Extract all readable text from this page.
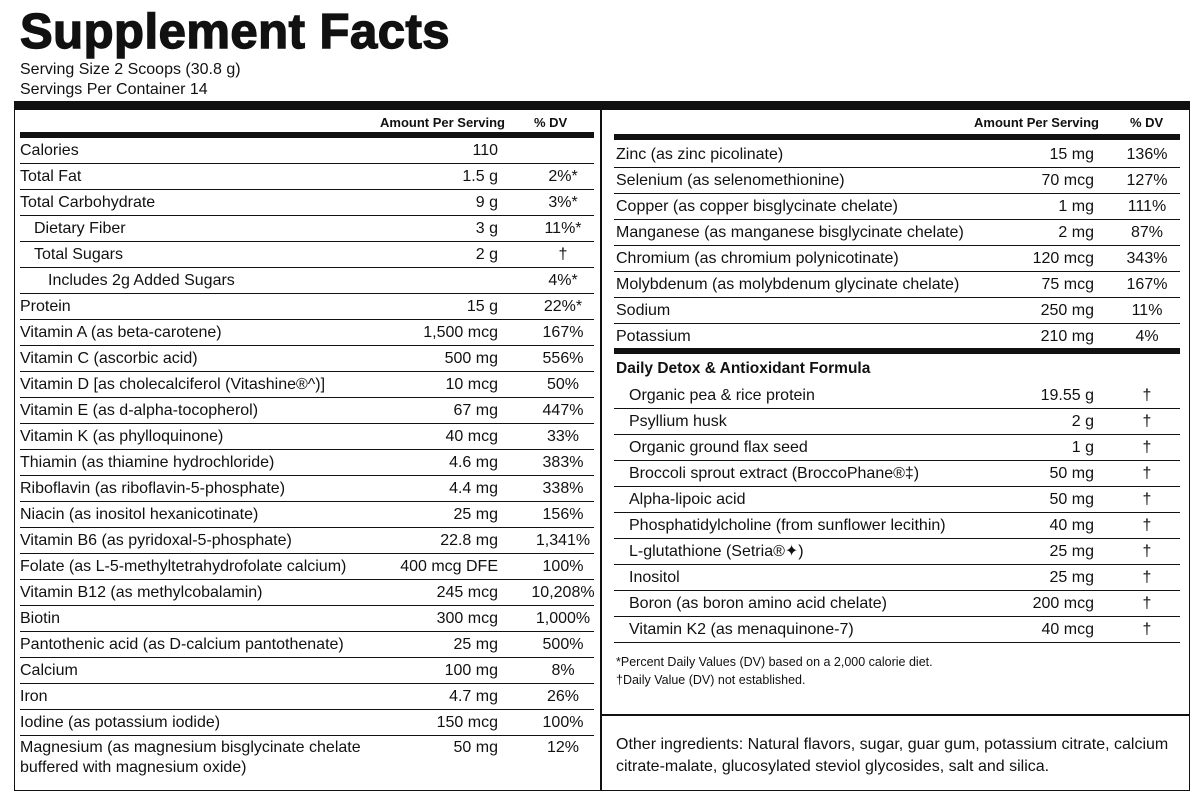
Supplement Facts
Serving Size 2 Scoops (30.8 g)
Servings Per Container 14
Amount Per Serving % DV	Amount Per Serving % DV
Calories	110
Total Fat	1.5 g	2%*
Total Carbohydrate	9 g	3%*
Dietary Fiber	3 g	11%*
Total Sugars	2 g	†
Includes 2g Added Sugars	4%*
Protein	15 g	22%*
Vitamin A (as beta-carotene)	1,500 mcg	167%
Vitamin C (ascorbic acid)	500 mg	556%
Vitamin D [as cholecalciferol (Vitashine®^)]	10 mcg	50%
Vitamin E (as d-alpha-tocopherol)	67 mg	447%
Vitamin K (as phylloquinone)	40 mcg	33%
Thiamin (as thiamine hydrochloride)	4.6 mg	383%
Riboflavin (as riboflavin-5-phosphate)	4.4 mg	338%
Niacin (as inositol hexanicotinate)	25 mg	156%
Vitamin B6 (as pyridoxal-5-phosphate)	22.8 mg	1,341%
Folate (as L-5-methyltetrahydrofolate calcium)	400 mcg DFE	100%
Vitamin B12 (as methylcobalamin)	245 mcg	10,208%
Biotin	300 mcg	1,000%
Pantothenic acid (as D-calcium pantothenate)	25 mg	500%
Calcium	100 mg	8%
Iron	4.7 mg	26%
Iodine (as potassium iodide)	150 mcg	100%
Magnesium (as magnesium bisglycinate chelate buffered with magnesium oxide)
50 mg	12%
Zinc (as zinc picolinate)	15 mg	136%
Selenium (as selenomethionine)	70 mcg	127%
Copper (as copper bisglycinate chelate)	1 mg	111%
Manganese (as manganese bisglycinate chelate)	2 mg	87%
Chromium (as chromium polynicotinate)	120 mcg	343%
Molybdenum (as molybdenum glycinate chelate)	75 mcg	167%
Sodium	250 mg	11%
Potassium	210 mg	4%
Daily Detox & Antioxidant Formula
Organic pea & rice protein	19.55 g	†
Psyllium husk	2 g	†
Organic ground flax seed	1 g	†
Broccoli sprout extract (BroccoPhane®‡)	50 mg	†
Alpha-lipoic acid	50 mg	†
Phosphatidylcholine (from sunflower lecithin)	40 mg	†
L-glutathione (Setria®✦)	25 mg	†
Inositol	25 mg	†
Boron (as boron amino acid chelate)	200 mcg	†
Vitamin K2 (as menaquinone-7)	40 mcg	†
*Percent Daily Values (DV) based on a 2,000 calorie diet.
†Daily Value (DV) not established.
Other ingredients: Natural flavors, sugar, guar gum, potassium citrate, calcium citrate-malate, glucosylated steviol glycosides, salt and silica.
